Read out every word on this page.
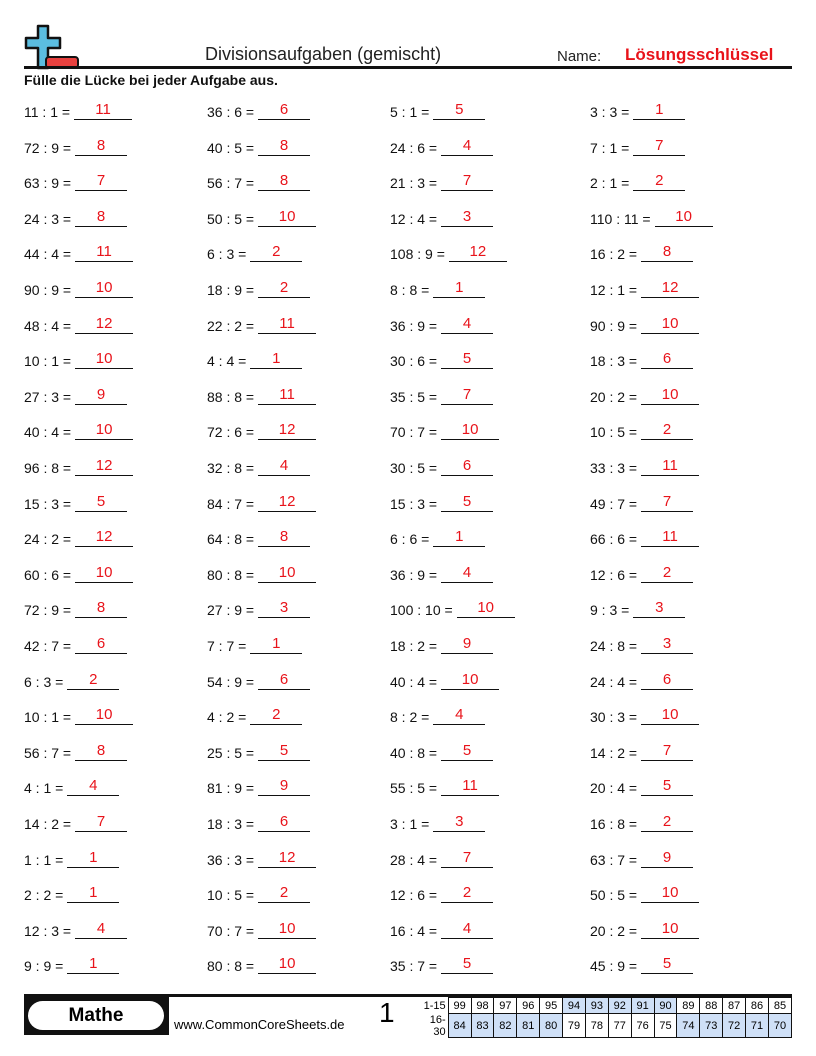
Divisionsaufgaben (gemischt)	Name: Lösungsschlüssel
Fülle die Lücke bei jeder Aufgabe aus.
11 : 1 =	11
72 : 9 =	8
63 : 9 =	7
24 : 3 =	8
44 : 4 =	11
90 : 9 =	10
48 : 4 =	12
10 : 1 =	10
27 : 3 =	9
40 : 4 =	10
96 : 8 =	12
15 : 3 =	5
24 : 2 =	12
60 : 6 =	10
72 : 9 =	8
42 : 7 =	6
6 : 3 =	2
10 : 1 =	10
56 : 7 =	8
4 : 1 =	4
14 : 2 =	7
1 : 1 =	1
2 : 2 =	1
12 : 3 =	4
9 : 9 =	1
36 : 6 =	6
40 : 5 =	8
56 : 7 =	8
50 : 5 =	10
6 : 3 =	2
18 : 9 =	2
22 : 2 =	11
4 : 4 =	1
88 : 8 =	11
72 : 6 =	12
32 : 8 =	4
84 : 7 =	12
64 : 8 =	8
80 : 8 =	10
27 : 9 =	3
7 : 7 =	1
54 : 9 =	6
4 : 2 =	2
25 : 5 =	5
81 : 9 =	9
18 : 3 =	6
36 : 3 =	12
10 : 5 =	2
70 : 7 =	10
80 : 8 =	10
5 : 1 =	5
24 : 6 =	4
21 : 3 =	7
12 : 4 =	3
108 : 9 =	12
8 : 8 =	1
36 : 9 =	4
30 : 6 =	5
35 : 5 =	7
70 : 7 =	10
30 : 5 =	6
15 : 3 =	5
6 : 6 =	1
36 : 9 =	4
100 : 10 =	10
18 : 2 =	9
40 : 4 =	10
8 : 2 =	4
40 : 8 =	5
55 : 5 =	11
3 : 1 =	3
28 : 4 =	7
12 : 6 =	2
16 : 4 =	4
35 : 7 =	5
3 : 3 =	1
7 : 1 =	7
2 : 1 =	2
110 : 11 =	10
16 : 2 =	8
12 : 1 =	12
90 : 9 =	10
18 : 3 =	6
20 : 2 =	10
10 : 5 =	2
33 : 3 =	11
49 : 7 =	7
66 : 6 =	11
12 : 6 =	2
9 : 3 =	3
24 : 8 =	3
24 : 4 =	6
30 : 3 =	10
14 : 2 =	7
20 : 4 =	5
16 : 8 =	2
63 : 7 =	9
50 : 5 =	10
20 : 2 =	10
45 : 9 =	5
Mathe	www.CommonCoreSheets.de 1	1-15	99	98	97	96	95	94	93	92	91	90	89	88	87	86	85
16-30	84	83	82	81	80	79	78	77	76	75	74	73	72	71	70
